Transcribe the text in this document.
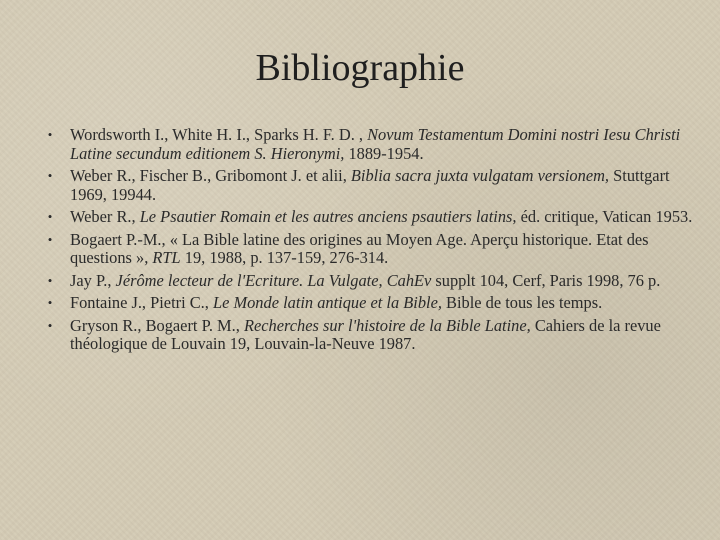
Bibliographie
• Wordsworth I., White H. I., Sparks H. F. D. , Novum Testamentum Domini nostri Iesu Christi Latine secundum editionem S. Hieronymi, 1889-1954.
• Weber R., Fischer B., Gribomont J. et alii, Biblia sacra juxta vulgatam versionem, Stuttgart 1969, 19944.
• Weber R., Le Psautier Romain et les autres anciens psautiers latins, éd. critique, Vatican 1953.
• Bogaert P.-M., « La Bible latine des origines au Moyen Age. Aperçu historique. Etat des questions », RTL 19, 1988, p. 137-159, 276-314.
• Jay P., Jérôme lecteur de l'Ecriture. La Vulgate, CahEv supplt 104, Cerf, Paris 1998, 76 p.
• Fontaine J., Pietri C., Le Monde latin antique et la Bible, Bible de tous les temps.
• Gryson R., Bogaert P. M., Recherches sur l'histoire de la Bible Latine, Cahiers de la revue théologique de Louvain 19, Louvain-la-Neuve 1987.
